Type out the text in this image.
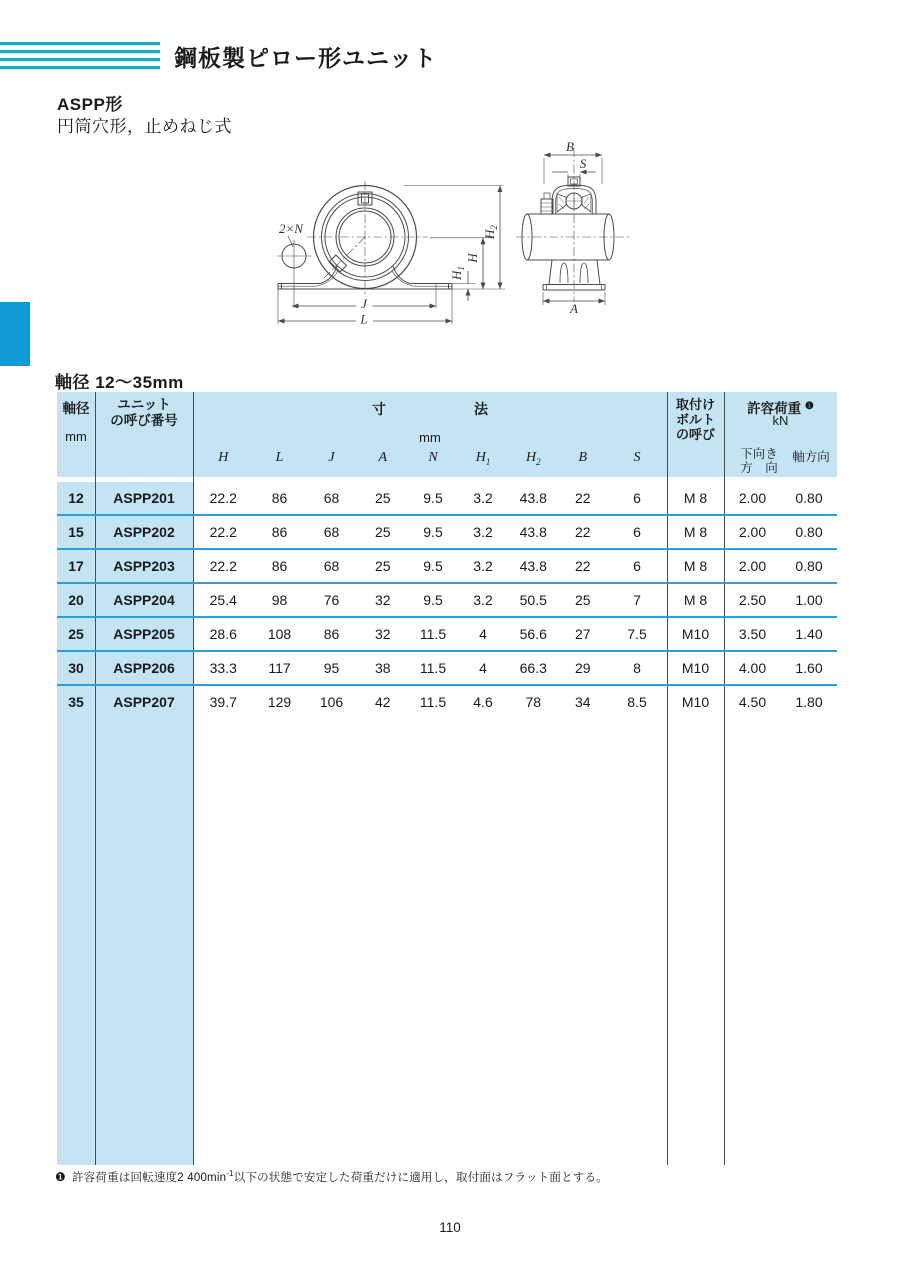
鋼板製ピロー形ユニット
ASPP形
円筒穴形，止めねじ式
2×N
J
L
H
$H_1$
$H_2$
B
S
A
軸径 12〜35mm
軸径
mm
ユニット
の呼び番号
寸	法
mm
H	L	J	A	N	$H_1$	$H_2$	B	S
取付け
ボルト
の呼び
許容荷重 $^❶$
kN
下向き
方　向
軸方向
12	ASPP201	22.2	86	68	25	9.5	3.2	43.8	22	6	M 8	2.00	0.80
15	ASPP202	22.2	86	68	25	9.5	3.2	43.8	22	6	M 8	2.00	0.80
17	ASPP203	22.2	86	68	25	9.5	3.2	43.8	22	6	M 8	2.00	0.80
20	ASPP204	25.4	98	76	32	9.5	3.2	50.5	25	7	M 8	2.50	1.00
25	ASPP205	28.6	108	86	32	11.5	4	56.6	27	7.5	M10	3.50	1.40
30	ASPP206	33.3	117	95	38	11.5	4	66.3	29	8	M10	4.00	1.60
35	ASPP207	39.7	129	106	42	11.5	4.6	78	34	8.5	M10	4.50	1.80
❶ 許容荷重は回転速度2 $400\min^{-1}$以下の状態で安定した荷重だけに適用し，取付面はフラット面とする。
110
